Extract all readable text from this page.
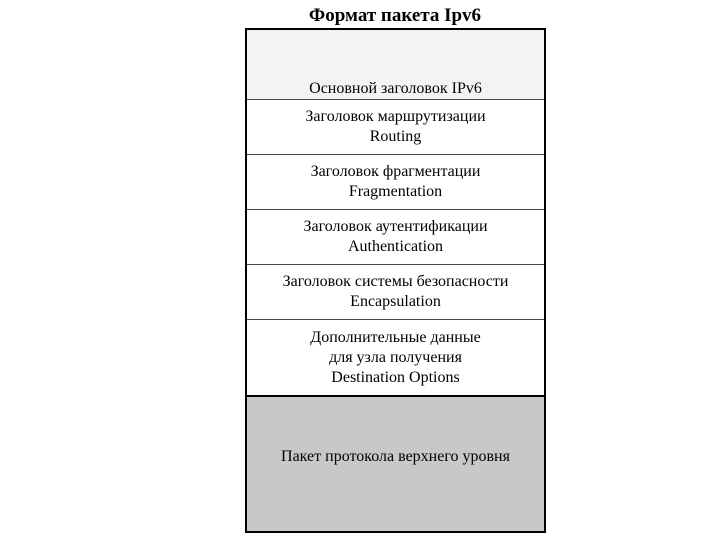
Формат пакета Ipv6
Основной заголовок IPv6
Заголовок маршрутизации
Routing
Заголовок фрагментации
Fragmentation
Заголовок аутентификации
Authentication
Заголовок системы безопасности
Encapsulation
Дополнительные данные
для узла получения
Destination Options
Пакет протокола верхнего уровня
